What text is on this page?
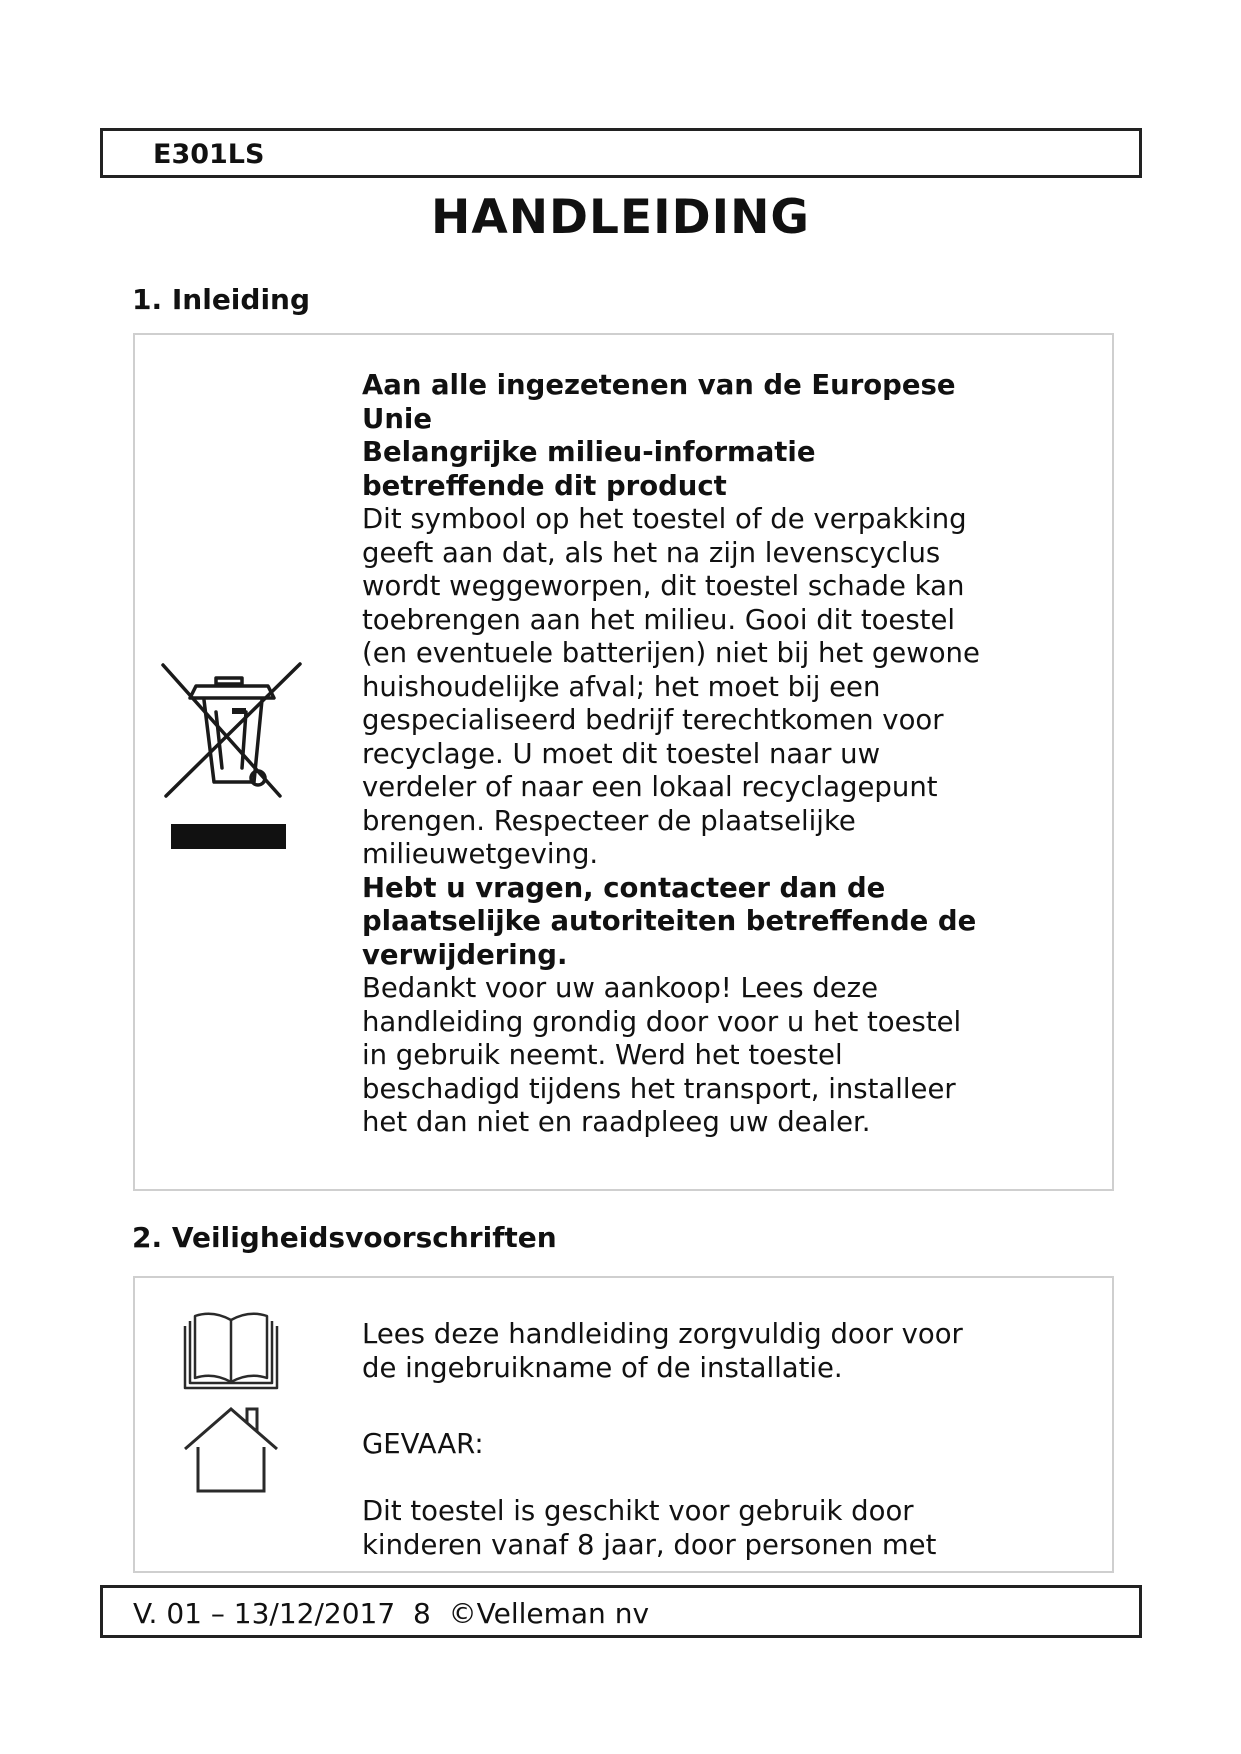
E301LS
HANDLEIDING
1. Inleiding

Aan alle ingezetenen van de Europese Unie

Belangrijke milieu-informatie betreffende dit product

Dit symbool op het toestel of de verpakking geeft aan dat, als het na zijn levenscyclus wordt weggeworpen, dit toestel schade kan toebrengen aan het milieu. Gooi dit toestel (en eventuele batterijen) niet bij het gewone huishoudelijke afval; het moet bij een gespecialiseerd bedrijf terechtkomen voor recyclage. U moet dit toestel naar uw verdeler of naar een lokaal recyclagepunt brengen. Respecteer de plaatselijke milieuwetgeving.

Hebt u vragen, contacteer dan de plaatselijke autoriteiten betreffende de verwijdering.

Bedankt voor uw aankoop! Lees deze handleiding grondig door voor u het toestel in gebruik neemt. Werd het toestel beschadigd tijdens het transport, installeer het dan niet en raadpleeg uw dealer.

2. Veiligheidsvoorschriften

Lees deze handleiding zorgvuldig door voor de ingebruikname of de installatie.

GEVAAR:

Dit toestel is geschikt voor gebruik door kinderen vanaf 8 jaar, door personen met

V. 01 – 13/12/2017 8 ©Velleman nv
